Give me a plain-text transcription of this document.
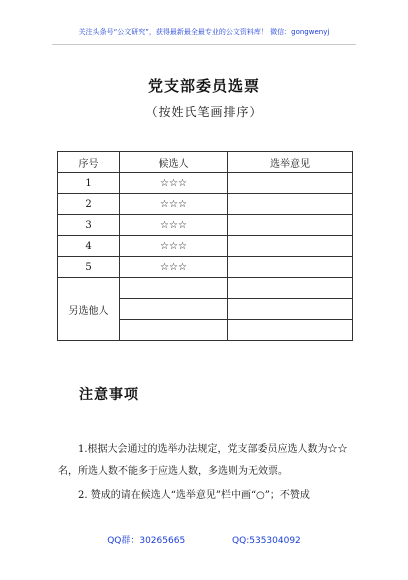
关注头条号“公文研究”，获得最新最全最专业的公文资料库！ 微信：gongwenyj
党支部委员选票
（按姓氏笔画排序）
序号	候选人	选举意见
1	☆☆☆	
2	☆☆☆	
3	☆☆☆	
4	☆☆☆	
5	☆☆☆	
另选他人		

注意事项
1.根据大会通过的选举办法规定，党支部委员应选人数为☆☆名，所选人数不能多于应选人数，多选则为无效票。
2. 赞成的请在候选人“选举意见”栏中画“○”；不赞成
QQ群：30265665	QQ:535304092
